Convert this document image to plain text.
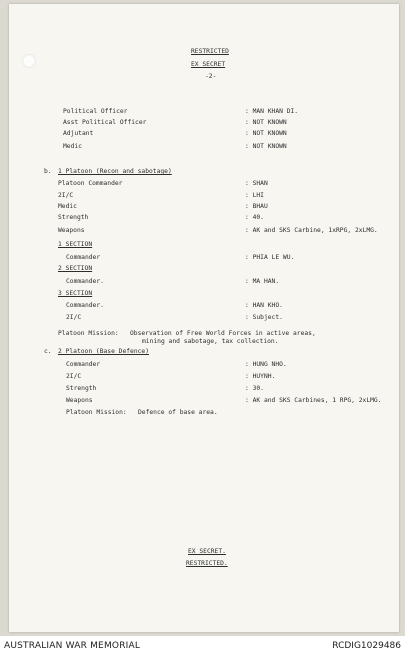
RESTRICTED
EX SECRET
-2-
Political Officer	: MAN KHAN DI.
Asst Political Officer	: NOT KNOWN
Adjutant	: NOT KNOWN
Medic	: NOT KNOWN
b. 1 Platoon (Recon and sabotage)
Platoon Commander	: SHAN
2I/C	: LHI
Medic	: BHAU
Strength	: 40.
Weapons	: AK and SKS Carbine, 1xRPG, 2xLMG.
1 SECTION
Commander	: PHIA LE WU.
2 SECTION
Commander.	: MA HAN.
3 SECTION
Commander.	: HAN KHO.
2I/C	: Subject.
Platoon Mission: Observation of Free World Forces in active areas,
mining and sabotage, tax collection.
c. 2 Platoon (Base Defence)
Commander	: HUNG NHO.
2I/C	: HUYNH.
Strength	: 30.
Weapons	: AK and SKS Carbines, 1 RPG, 2xLMG.
Platoon Mission: Defence of base area.
EX SECRET.
RESTRICTED.
AUSTRALIAN WAR MEMORIAL	RCDIG1029486
